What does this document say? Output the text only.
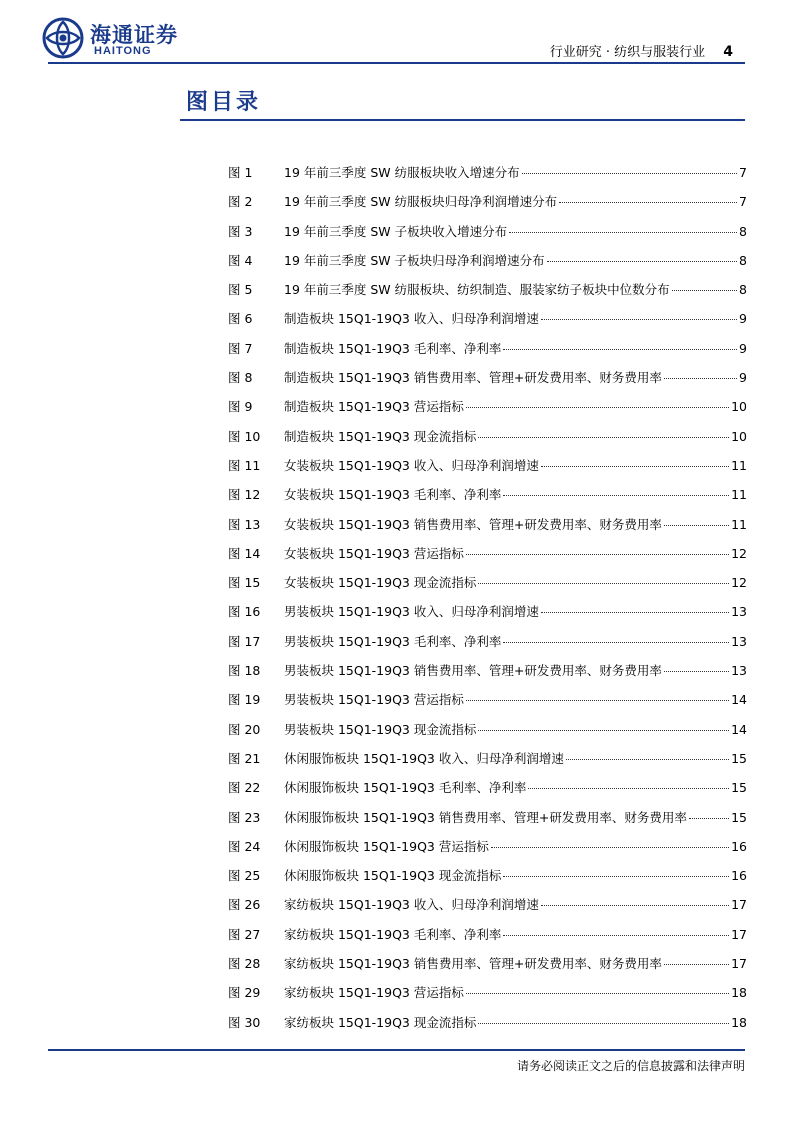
海通证券
HAITONG	行业研究 · 纺织与服装行业 4
图目录
图 1	19 年前三季度 SW 纺服板块收入增速分布	7
图 2	19 年前三季度 SW 纺服板块归母净利润增速分布	7
图 3	19 年前三季度 SW 子板块收入增速分布	8
图 4	19 年前三季度 SW 子板块归母净利润增速分布	8
图 5	19 年前三季度 SW 纺服板块、纺织制造、服装家纺子板块中位数分布	8
图 6	制造板块 15Q1-19Q3 收入、归母净利润增速	9
图 7	制造板块 15Q1-19Q3 毛利率、净利率	9
图 8	制造板块 15Q1-19Q3 销售费用率、管理+研发费用率、财务费用率	9
图 9	制造板块 15Q1-19Q3 营运指标	10
图 10	制造板块 15Q1-19Q3 现金流指标	10
图 11	女装板块 15Q1-19Q3 收入、归母净利润增速	11
图 12	女装板块 15Q1-19Q3 毛利率、净利率	11
图 13	女装板块 15Q1-19Q3 销售费用率、管理+研发费用率、财务费用率	11
图 14	女装板块 15Q1-19Q3 营运指标	12
图 15	女装板块 15Q1-19Q3 现金流指标	12
图 16	男装板块 15Q1-19Q3 收入、归母净利润增速	13
图 17	男装板块 15Q1-19Q3 毛利率、净利率	13
图 18	男装板块 15Q1-19Q3 销售费用率、管理+研发费用率、财务费用率	13
图 19	男装板块 15Q1-19Q3 营运指标	14
图 20	男装板块 15Q1-19Q3 现金流指标	14
图 21	休闲服饰板块 15Q1-19Q3 收入、归母净利润增速	15
图 22	休闲服饰板块 15Q1-19Q3 毛利率、净利率	15
图 23	休闲服饰板块 15Q1-19Q3 销售费用率、管理+研发费用率、财务费用率	15
图 24	休闲服饰板块 15Q1-19Q3 营运指标	16
图 25	休闲服饰板块 15Q1-19Q3 现金流指标	16
图 26	家纺板块 15Q1-19Q3 收入、归母净利润增速	17
图 27	家纺板块 15Q1-19Q3 毛利率、净利率	17
图 28	家纺板块 15Q1-19Q3 销售费用率、管理+研发费用率、财务费用率	17
图 29	家纺板块 15Q1-19Q3 营运指标	18
图 30	家纺板块 15Q1-19Q3 现金流指标	18
请务必阅读正文之后的信息披露和法律声明
